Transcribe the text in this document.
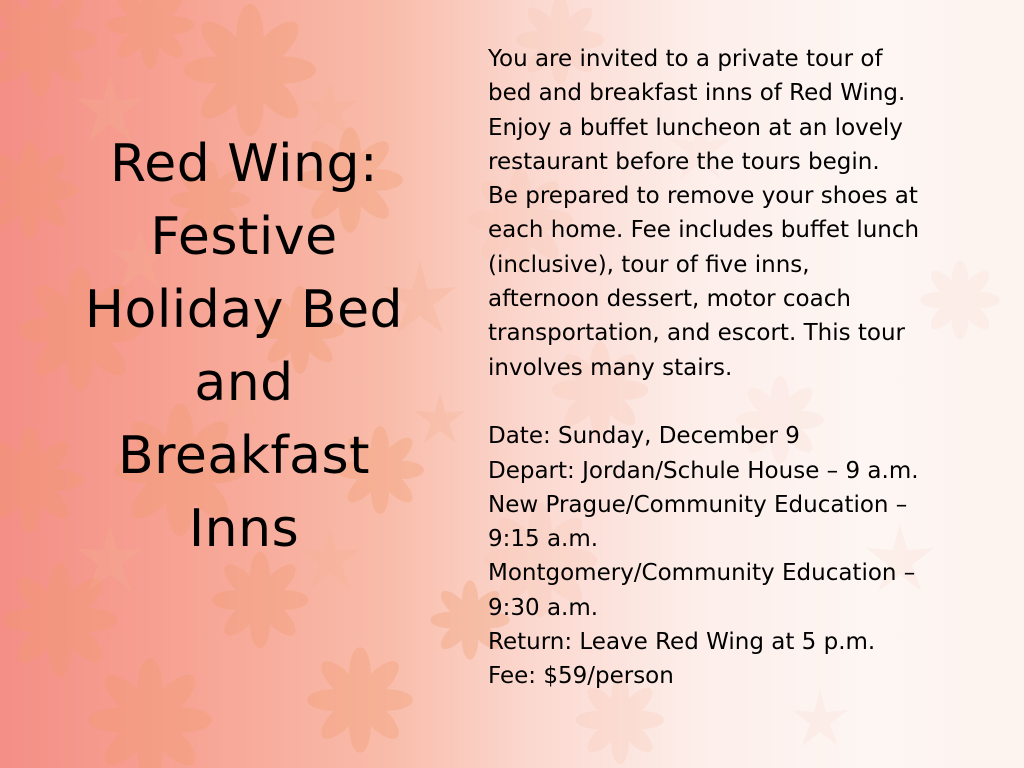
Red Wing:
Festive
Holiday Bed
and
Breakfast
Inns
You are invited to a private tour of
bed and breakfast inns of Red Wing.
Enjoy a buffet luncheon at an lovely
restaurant before the tours begin.
Be prepared to remove your shoes at
each home. Fee includes buffet lunch
(inclusive), tour of five inns,
afternoon dessert, motor coach
transportation, and escort. This tour
involves many stairs.
Date: Sunday, December 9
Depart: Jordan/Schule House – 9 a.m.
New Prague/Community Education –
9:15 a.m.
Montgomery/Community Education –
9:30 a.m.
Return: Leave Red Wing at 5 p.m.
Fee: $59/person
